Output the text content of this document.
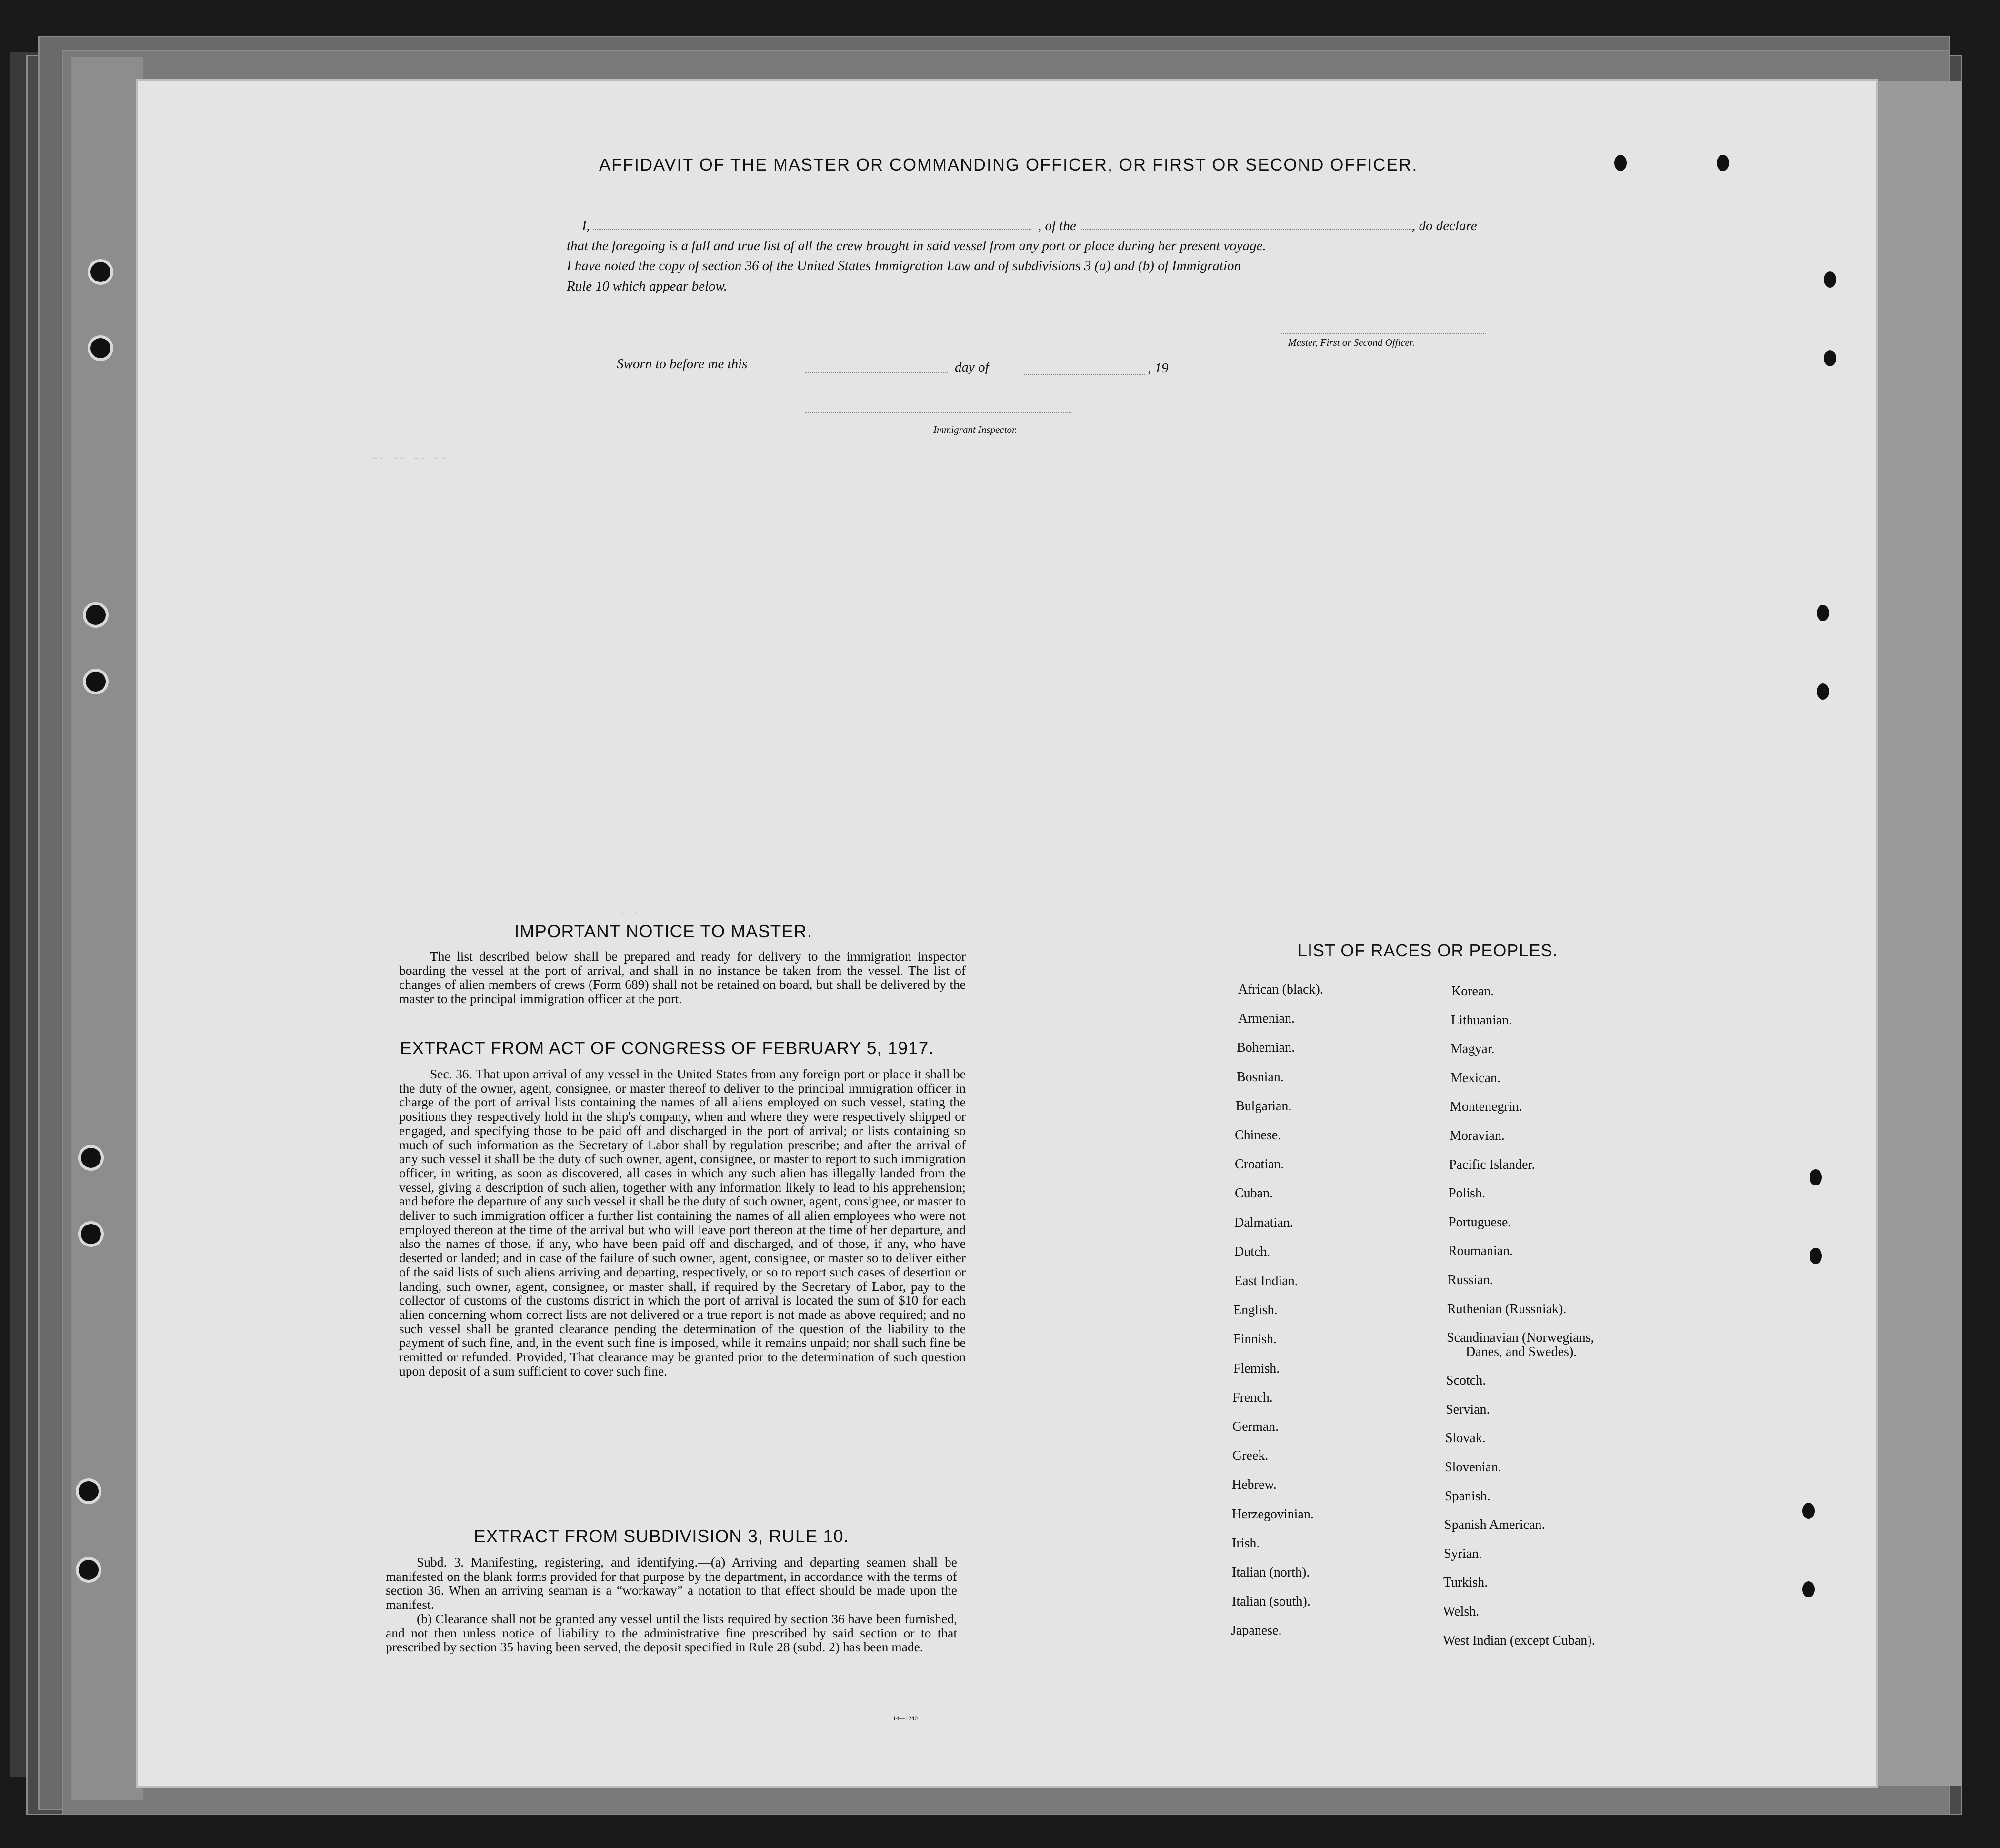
-- -- -- --
. .
AFFIDAVIT OF THE MASTER OR COMMANDING OFFICER, OR FIRST OR SECOND OFFICER.
I,	, of the	, do declare
that the foregoing is a full and true list of all the crew brought in said vessel from any port or place during her present voyage.
I have noted the copy of section 36 of the United States Immigration Law and of subdivisions 3 (a) and (b) of Immigration
Rule 10 which appear below.
Master, First or Second Officer.
Sworn to before me this	day of	, 19
Immigrant Inspector.
IMPORTANT NOTICE TO MASTER.

The list described below shall be prepared and ready for delivery to the immigration inspector boarding the vessel at the port of arrival, and shall in no instance be taken from the vessel. The list of changes of alien members of crews (Form 689) shall not be retained on board, but shall be delivered by the master to the principal immigration officer at the port.

EXTRACT FROM ACT OF CONGRESS OF FEBRUARY 5, 1917.

Sec. 36. That upon arrival of any vessel in the United States from any foreign port or place it shall be the duty of the owner, agent, consignee, or master thereof to deliver to the principal immigration officer in charge of the port of arrival lists containing the names of all aliens employed on such vessel, stating the positions they respectively hold in the ship's company, when and where they were respectively shipped or engaged, and specifying those to be paid off and discharged in the port of arrival; or lists containing so much of such information as the Secretary of Labor shall by regulation prescribe; and after the arrival of any such vessel it shall be the duty of such owner, agent, consignee, or master to report to such immigration officer, in writing, as soon as discovered, all cases in which any such alien has illegally landed from the vessel, giving a description of such alien, together with any information likely to lead to his apprehension; and before the departure of any such vessel it shall be the duty of such owner, agent, consignee, or master to deliver to such immigration officer a further list containing the names of all alien employees who were not employed thereon at the time of the arrival but who will leave port thereon at the time of her departure, and also the names of those, if any, who have been paid off and discharged, and of those, if any, who have deserted or landed; and in case of the failure of such owner, agent, consignee, or master so to deliver either of the said lists of such aliens arriving and departing, respectively, or so to report such cases of desertion or landing, such owner, agent, consignee, or master shall, if required by the Secretary of Labor, pay to the collector of customs of the customs district in which the port of arrival is located the sum of $10 for each alien concerning whom correct lists are not delivered or a true report is not made as above required; and no such vessel shall be granted clearance pending the determination of the question of the liability to the payment of such fine, and, in the event such fine is imposed, while it remains unpaid; nor shall such fine be remitted or refunded: Provided, That clearance may be granted prior to the determination of such question upon deposit of a sum sufficient to cover such fine.

EXTRACT FROM SUBDIVISION 3, RULE 10.

Subd. 3. Manifesting, registering, and identifying.—(a) Arriving and departing seamen shall be manifested on the blank forms provided for that purpose by the department, in accordance with the terms of section 36. When an arriving seaman is a “workaway” a notation to that effect should be made upon the manifest.

(b) Clearance shall not be granted any vessel until the lists required by section 36 have been furnished, and not then unless notice of liability to the administrative fine prescribed by said section or to that prescribed by section 35 having been served, the deposit specified in Rule 28 (subd. 2) has been made.

14—1240
LIST OF RACES OR PEOPLES.
African (black).
Armenian.
Bohemian.
Bosnian.
Bulgarian.
Chinese.
Croatian.
Cuban.
Dalmatian.
Dutch.
East Indian.
English.
Finnish.
Flemish.
French.
German.
Greek.
Hebrew.
Herzegovinian.
Irish.
Italian (north).
Italian (south).
Japanese.
Korean.
Lithuanian.
Magyar.
Mexican.
Montenegrin.
Moravian.
Pacific Islander.
Polish.
Portuguese.
Roumanian.
Russian.
Ruthenian (Russniak).
Scandinavian (Norwegians,
Danes, and Swedes).
Scotch.
Servian.
Slovak.
Slovenian.
Spanish.
Spanish American.
Syrian.
Turkish.
Welsh.
West Indian (except Cuban).
